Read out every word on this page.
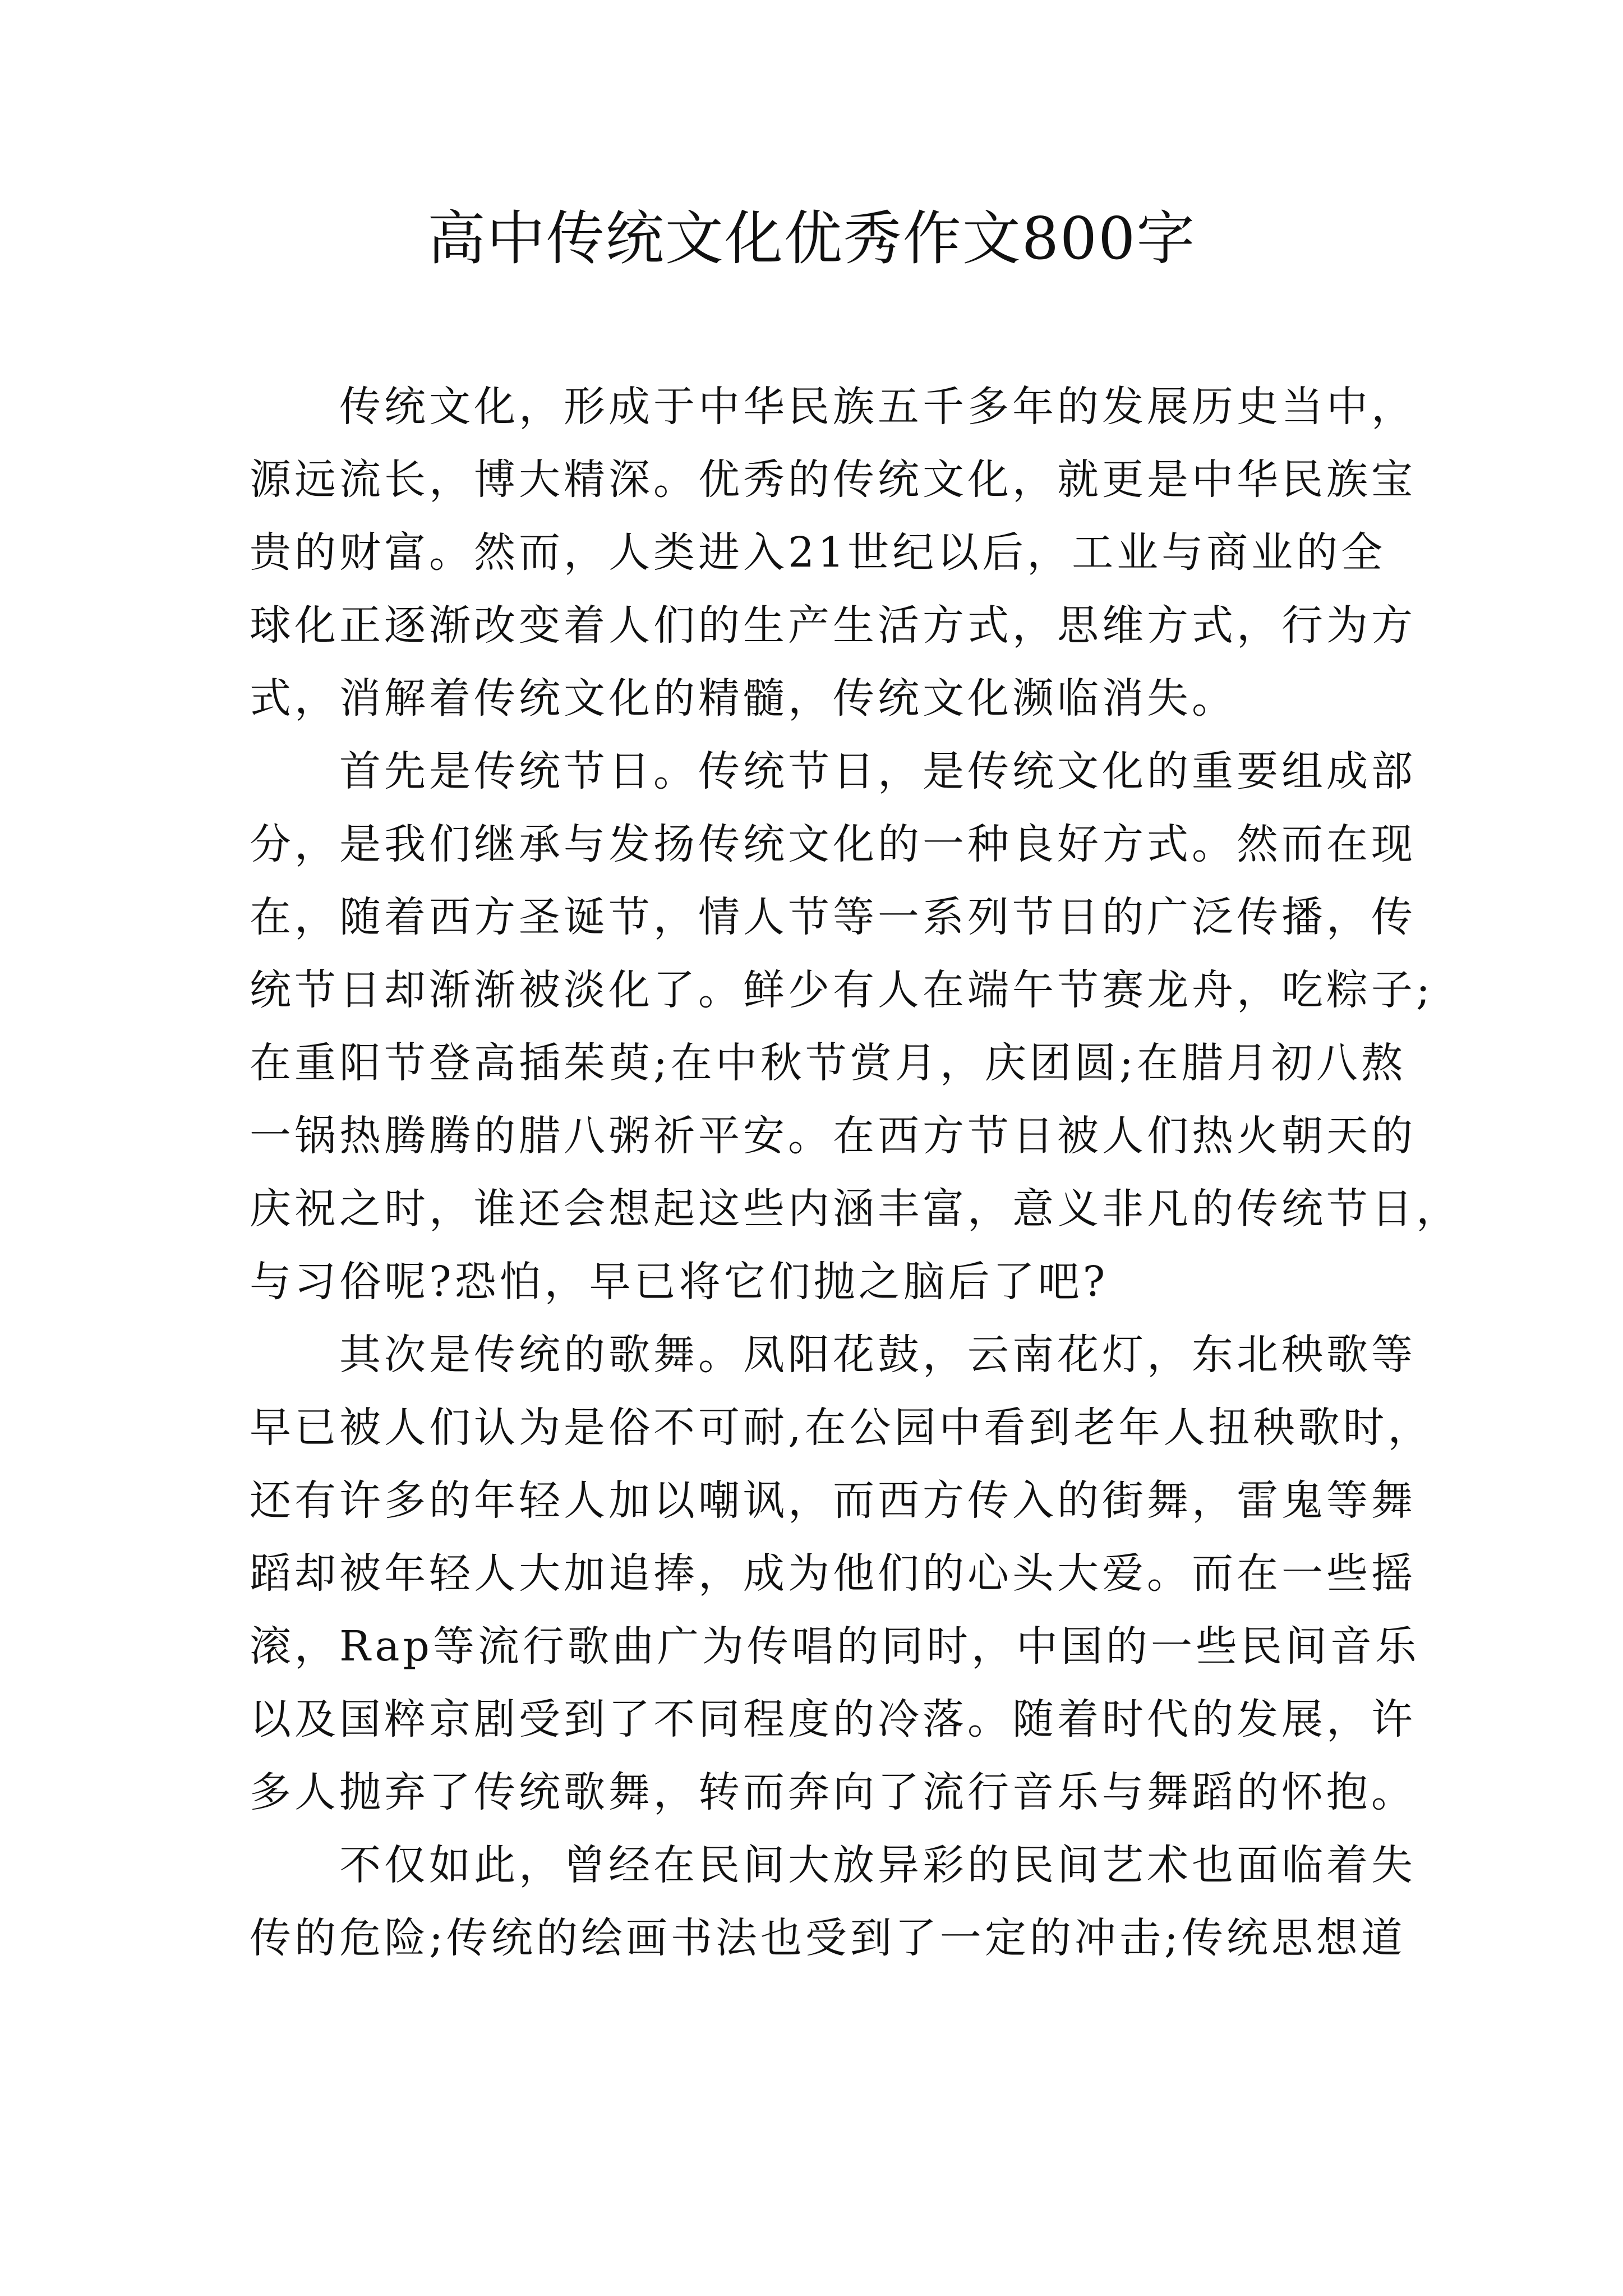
高中传统文化优秀作文800字
传统文化，形成于中华民族五千多年的发展历史当中，
源远流长，博大精深。优秀的传统文化，就更是中华民族宝
贵的财富。然而，人类进入21世纪以后，工业与商业的全
球化正逐渐改变着人们的生产生活方式，思维方式，行为方
式，消解着传统文化的精髓，传统文化濒临消失。
首先是传统节日。传统节日，是传统文化的重要组成部
分，是我们继承与发扬传统文化的一种良好方式。然而在现
在，随着西方圣诞节，情人节等一系列节日的广泛传播，传
统节日却渐渐被淡化了。鲜少有人在端午节赛龙舟，吃粽子;
在重阳节登高插茱萸;在中秋节赏月，庆团圆;在腊月初八熬
一锅热腾腾的腊八粥祈平安。在西方节日被人们热火朝天的
庆祝之时，谁还会想起这些内涵丰富，意义非凡的传统节日，
与习俗呢?恐怕，早已将它们抛之脑后了吧?
其次是传统的歌舞。凤阳花鼓，云南花灯，东北秧歌等
早已被人们认为是俗不可耐,在公园中看到老年人扭秧歌时，
还有许多的年轻人加以嘲讽，而西方传入的街舞，雷鬼等舞
蹈却被年轻人大加追捧，成为他们的心头大爱。而在一些摇
滚，Rap等流行歌曲广为传唱的同时，中国的一些民间音乐
以及国粹京剧受到了不同程度的冷落。随着时代的发展，许
多人抛弃了传统歌舞，转而奔向了流行音乐与舞蹈的怀抱。
不仅如此，曾经在民间大放异彩的民间艺术也面临着失
传的危险;传统的绘画书法也受到了一定的冲击;传统思想道
